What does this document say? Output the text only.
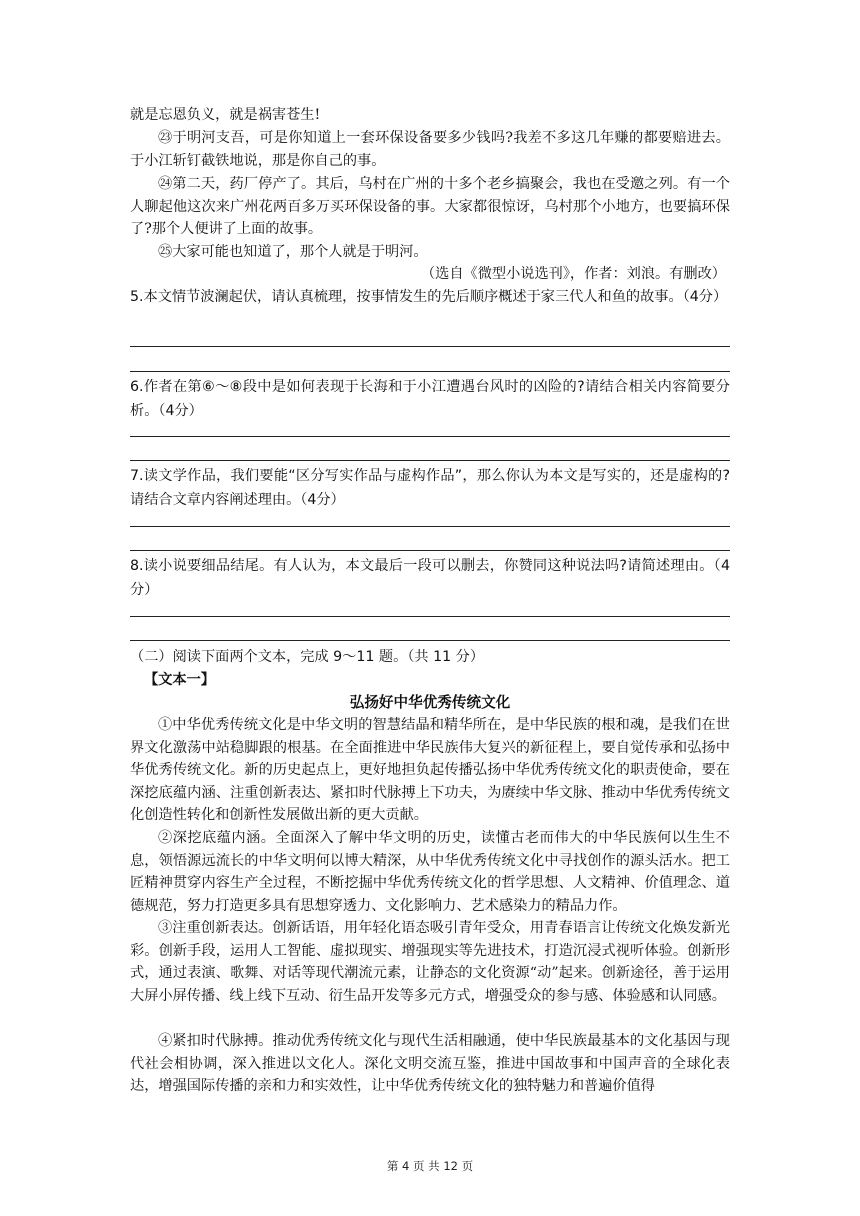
就是忘恩负义，就是祸害苍生!

㉓于明河支吾，可是你知道上一套环保设备要多少钱吗?我差不多这几年赚的都要赔进去。于小江斩钉截铁地说，那是你自己的事。

㉔第二天，药厂停产了。其后，乌村在广州的十多个老乡搞聚会，我也在受邀之列。有一个人聊起他这次来广州花两百多万买环保设备的事。大家都很惊讶，乌村那个小地方，也要搞环保了?那个人便讲了上面的故事。

㉕大家可能也知道了，那个人就是于明河。

（选自《微型小说选刊》，作者：刘浪。有删改）

5.本文情节波澜起伏，请认真梳理，按事情发生的先后顺序概述于家三代人和鱼的故事。（4分）

6.作者在第⑥～⑧段中是如何表现于长海和于小江遭遇台风时的凶险的?请结合相关内容简要分析。（4分）

7.读文学作品，我们要能“区分写实作品与虚构作品”，那么你认为本文是写实的，还是虚构的?请结合文章内容阐述理由。（4分）

8.读小说要细品结尾。有人认为，本文最后一段可以删去，你赞同这种说法吗?请简述理由。（4分）

（二）阅读下面两个文本，完成 9～11 题。（共 11 分）

【文本一】

弘扬好中华优秀传统文化

①中华优秀传统文化是中华文明的智慧结晶和精华所在，是中华民族的根和魂，是我们在世界文化激荡中站稳脚跟的根基。在全面推进中华民族伟大复兴的新征程上，要自觉传承和弘扬中华优秀传统文化。新的历史起点上，更好地担负起传播弘扬中华优秀传统文化的职责使命，要在深挖底蕴内涵、注重创新表达、紧扣时代脉搏上下功夫，为赓续中华文脉、推动中华优秀传统文化创造性转化和创新性发展做出新的更大贡献。

②深挖底蕴内涵。全面深入了解中华文明的历史，读懂古老而伟大的中华民族何以生生不息，领悟源远流长的中华文明何以博大精深，从中华优秀传统文化中寻找创作的源头活水。把工匠精神贯穿内容生产全过程，不断挖掘中华优秀传统文化的哲学思想、人文精神、价值理念、道德规范，努力打造更多具有思想穿透力、文化影响力、艺术感染力的精品力作。

③注重创新表达。创新话语，用年轻化语态吸引青年受众，用青春语言让传统文化焕发新光彩。创新手段，运用人工智能、虚拟现实、增强现实等先进技术，打造沉浸式视听体验。创新形式，通过表演、歌舞、对话等现代潮流元素，让静态的文化资源“动”起来。创新途径，善于运用大屏小屏传播、线上线下互动、衍生品开发等多元方式，增强受众的参与感、体验感和认同感。

④紧扣时代脉搏。推动优秀传统文化与现代生活相融通，使中华民族最基本的文化基因与现代社会相协调，深入推进以文化人。深化文明交流互鉴，推进中国故事和中国声音的全球化表达，增强国际传播的亲和力和实效性，让中华优秀传统文化的独特魅力和普遍价值得

第 4 页 共 12 页
